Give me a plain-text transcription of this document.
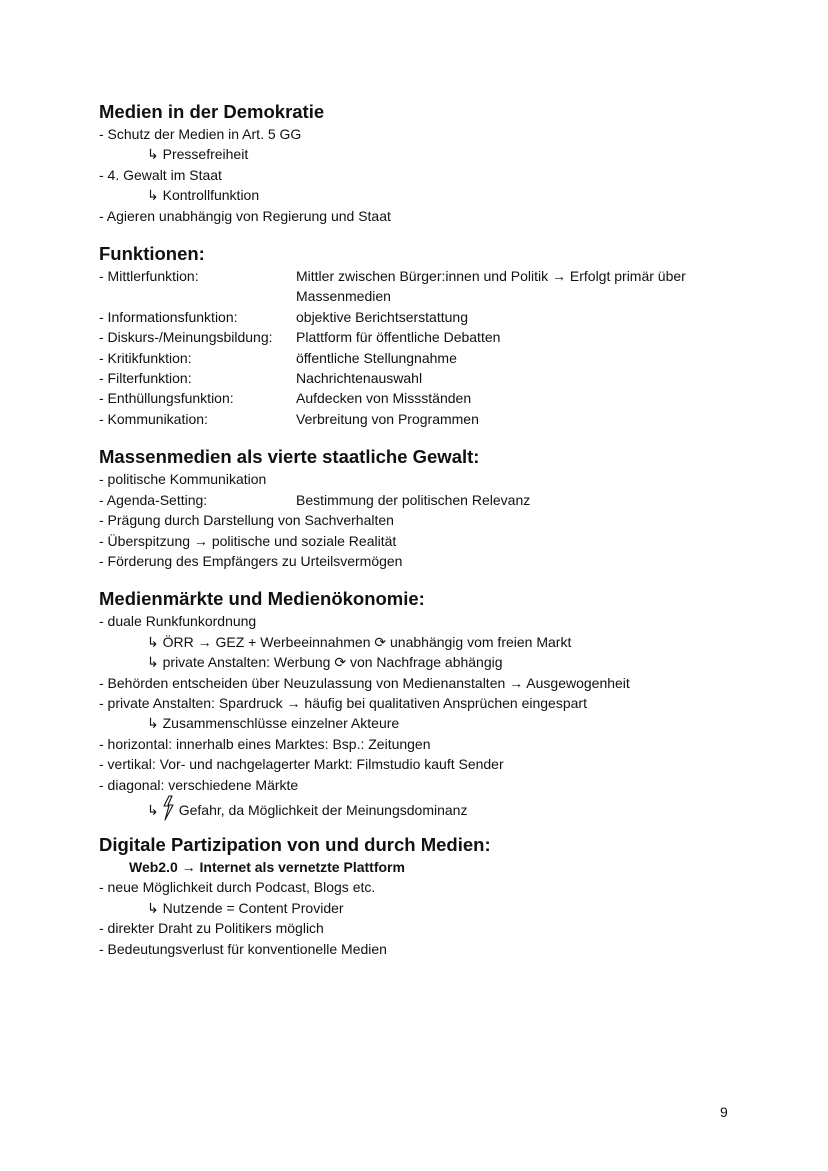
Medien in der Demokratie
- Schutz der Medien in Art. 5 GG
↳ Pressefreiheit
- 4. Gewalt im Staat
↳ Kontrollfunktion
- Agieren unabhängig von Regierung und Staat
Funktionen:
- Mittlerfunktion:	Mittler zwischen Bürger:innen und Politik → Erfolgt primär über
Massenmedien
- Informationsfunktion:	objektive Berichtserstattung
- Diskurs-/Meinungsbildung:	Plattform für öffentliche Debatten
- Kritikfunktion:	öffentliche Stellungnahme
- Filterfunktion:	Nachrichtenauswahl
- Enthüllungsfunktion:	Aufdecken von Missständen
- Kommunikation:	Verbreitung von Programmen
Massenmedien als vierte staatliche Gewalt:
- politische Kommunikation
- Agenda-Setting:	Bestimmung der politischen Relevanz
- Prägung durch Darstellung von Sachverhalten
- Überspitzung → politische und soziale Realität
- Förderung des Empfängers zu Urteilsvermögen
Medienmärkte und Medienökonomie:
- duale Runkfunkordnung
↳ ÖRR → GEZ + Werbeeinnahmen ⟳ unabhängig vom freien Markt
↳ private Anstalten: Werbung ⟳ von Nachfrage abhängig
- Behörden entscheiden über Neuzulassung von Medienanstalten → Ausgewogenheit
- private Anstalten: Spardruck → häufig bei qualitativen Ansprüchen eingespart
↳ Zusammenschlüsse einzelner Akteure
- horizontal: innerhalb eines Marktes: Bsp.: Zeitungen
- vertikal: Vor- und nachgelagerter Markt: Filmstudio kauft Sender
- diagonal: verschiedene Märkte
↳ Gefahr, da Möglichkeit der Meinungsdominanz
Digitale Partizipation von und durch Medien:
Web2.0 → Internet als vernetzte Plattform
- neue Möglichkeit durch Podcast, Blogs etc.
↳ Nutzende = Content Provider
- direkter Draht zu Politikers möglich
- Bedeutungsverlust für konventionelle Medien
9
